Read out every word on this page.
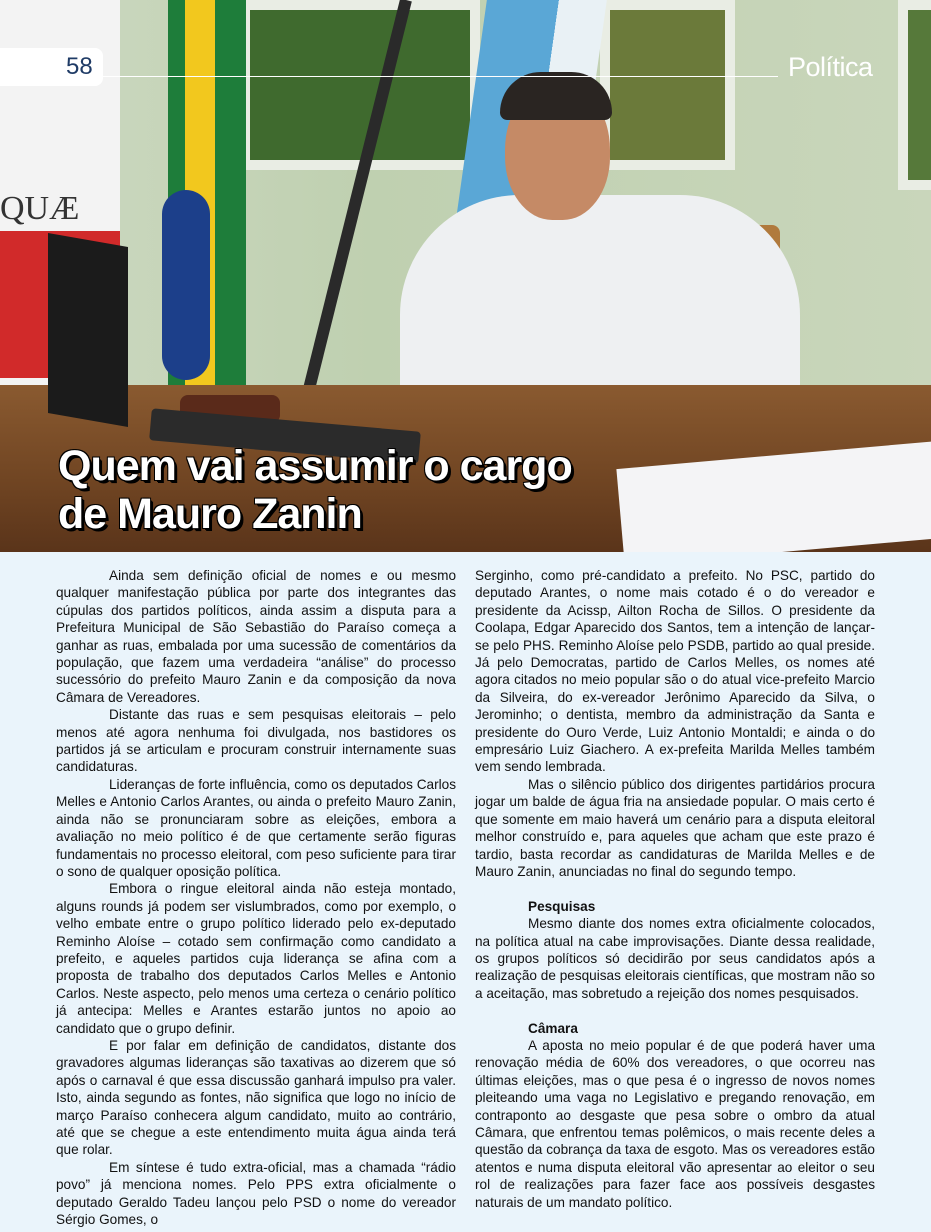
QUÆ
58	Política
Quem vai assumir o cargo
de Mauro Zanin

Ainda sem definição oficial de nomes e ou mesmo qualquer manifestação pública por parte dos integrantes das cúpulas dos partidos políticos, ainda assim a disputa para a Prefeitura Municipal de São Sebastião do Paraíso começa a ganhar as ruas, embalada por uma sucessão de comentários da população, que fazem uma verdadeira “análise” do processo sucessório do prefeito Mauro Zanin e da composição da nova Câmara de Vereadores.

Distante das ruas e sem pesquisas eleitorais – pelo menos até agora nenhuma foi divulgada, nos bastidores os partidos já se articulam e procuram construir internamente suas candidaturas.

Lideranças de forte influência, como os deputados Carlos Melles e Antonio Carlos Arantes, ou ainda o prefeito Mauro Zanin, ainda não se pronunciaram sobre as eleições, embora a avaliação no meio político é de que certamente serão figuras fundamentais no processo eleitoral, com peso suficiente para tirar o sono de qualquer oposição política.

Embora o ringue eleitoral ainda não esteja montado, alguns rounds já podem ser vislumbrados, como por exemplo, o velho embate entre o grupo político liderado pelo ex-deputado Reminho Aloíse – cotado sem confirmação como candidato a prefeito, e aqueles partidos cuja liderança se afina com a proposta de trabalho dos deputados Carlos Melles e Antonio Carlos. Neste aspecto, pelo menos uma certeza o cenário político já antecipa: Melles e Arantes estarão juntos no apoio ao candidato que o grupo definir.

E por falar em definição de candidatos, distante dos gravadores algumas lideranças são taxativas ao dizerem que só após o carnaval é que essa discussão ganhará impulso pra valer. Isto, ainda segundo as fontes, não significa que logo no início de março Paraíso conhecera algum candidato, muito ao contrário, até que se chegue a este entendimento muita água ainda terá que rolar.

Em síntese é tudo extra-oficial, mas a chamada “rádio povo” já menciona nomes. Pelo PPS extra oficialmente o deputado Geraldo Tadeu lançou pelo PSD o nome do vereador Sérgio Gomes, o

Serginho, como pré-candidato a prefeito. No PSC, partido do deputado Arantes, o nome mais cotado é o do vereador e presidente da Acissp, Ailton Rocha de Sillos. O presidente da Coolapa, Edgar Aparecido dos Santos, tem a intenção de lançar-se pelo PHS. Reminho Aloíse pelo PSDB, partido ao qual preside. Já pelo Democratas, partido de Carlos Melles, os nomes até agora citados no meio popular são o do atual vice-prefeito Marcio da Silveira, do ex-vereador Jerônimo Aparecido da Silva, o Jerominho; o dentista, membro da administração da Santa e presidente do Ouro Verde, Luiz Antonio Montaldi; e ainda o do empresário Luiz Giachero. A ex-prefeita Marilda Melles também vem sendo lembrada.

Mas o silêncio público dos dirigentes partidários procura jogar um balde de água fria na ansiedade popular. O mais certo é que somente em maio haverá um cenário para a disputa eleitoral melhor construído e, para aqueles que acham que este prazo é tardio, basta recordar as candidaturas de Marilda Melles e de Mauro Zanin, anunciadas no final do segundo tempo.

Pesquisas

Mesmo diante dos nomes extra oficialmente colocados, na política atual na cabe improvisações. Diante dessa realidade, os grupos políticos só decidirão por seus candidatos após a realização de pesquisas eleitorais científicas, que mostram não so a aceitação, mas sobretudo a rejeição dos nomes pesquisados.

Câmara

A aposta no meio popular é de que poderá haver uma renovação média de 60% dos vereadores, o que ocorreu nas últimas eleições, mas o que pesa é o ingresso de novos nomes pleiteando uma vaga no Legislativo e pregando renovação, em contraponto ao desgaste que pesa sobre o ombro da atual Câmara, que enfrentou temas polêmicos, o mais recente deles a questão da cobrança da taxa de esgoto. Mas os vereadores estão atentos e numa disputa eleitoral vão apresentar ao eleitor o seu rol de realizações para fazer face aos possíveis desgastes naturais de um mandato político.
